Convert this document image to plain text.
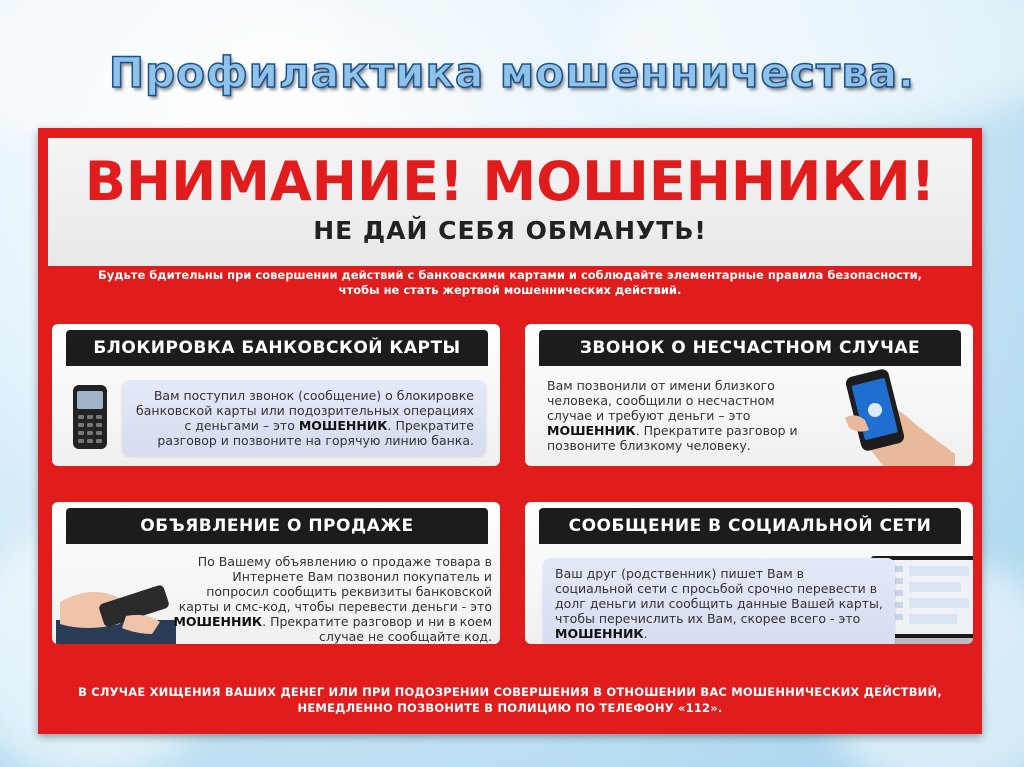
Профилактика мошенничества.
ВНИМАНИЕ! МОШЕННИКИ!
НЕ ДАЙ СЕБЯ ОБМАНУТЬ!
Будьте бдительны при совершении действий с банковскими картами и соблюдайте элементарные правила безопасности,
чтобы не стать жертвой мошеннических действий.
БЛОКИРОВКА БАНКОВСКОЙ КАРТЫ
Вам поступил звонок (сообщение) о блокировке банковской карты или подозрительных операциях с деньгами – это МОШЕННИК. Прекратите разговор и позвоните на горячую линию банка.
ЗВОНОК О НЕСЧАСТНОМ СЛУЧАЕ
Вам позвонили от имени близкого человека, сообщили о несчастном случае и требуют деньги – это МОШЕННИК. Прекратите разговор и позвоните близкому человеку.
ОБЪЯВЛЕНИЕ О ПРОДАЖЕ
По Вашему объявлению о продаже товара в Интернете Вам позвонил покупатель и попросил сообщить реквизиты банковской карты и смс-код, чтобы перевести деньги - это МОШЕННИК. Прекратите разговор и ни в коем случае не сообщайте код.
СООБЩЕНИЕ В СОЦИАЛЬНОЙ СЕТИ
Ваш друг (родственник) пишет Вам в социальной сети с просьбой срочно перевести в долг деньги или сообщить данные Вашей карты, чтобы перечислить их Вам, скорее всего - это МОШЕННИК.
В СЛУЧАЕ ХИЩЕНИЯ ВАШИХ ДЕНЕГ ИЛИ ПРИ ПОДОЗРЕНИИ СОВЕРШЕНИЯ В ОТНОШЕНИИ ВАС МОШЕННИЧЕСКИХ ДЕЙСТВИЙ,
НЕМЕДЛЕННО ПОЗВОНИТЕ В ПОЛИЦИЮ ПО ТЕЛЕФОНУ «112».
